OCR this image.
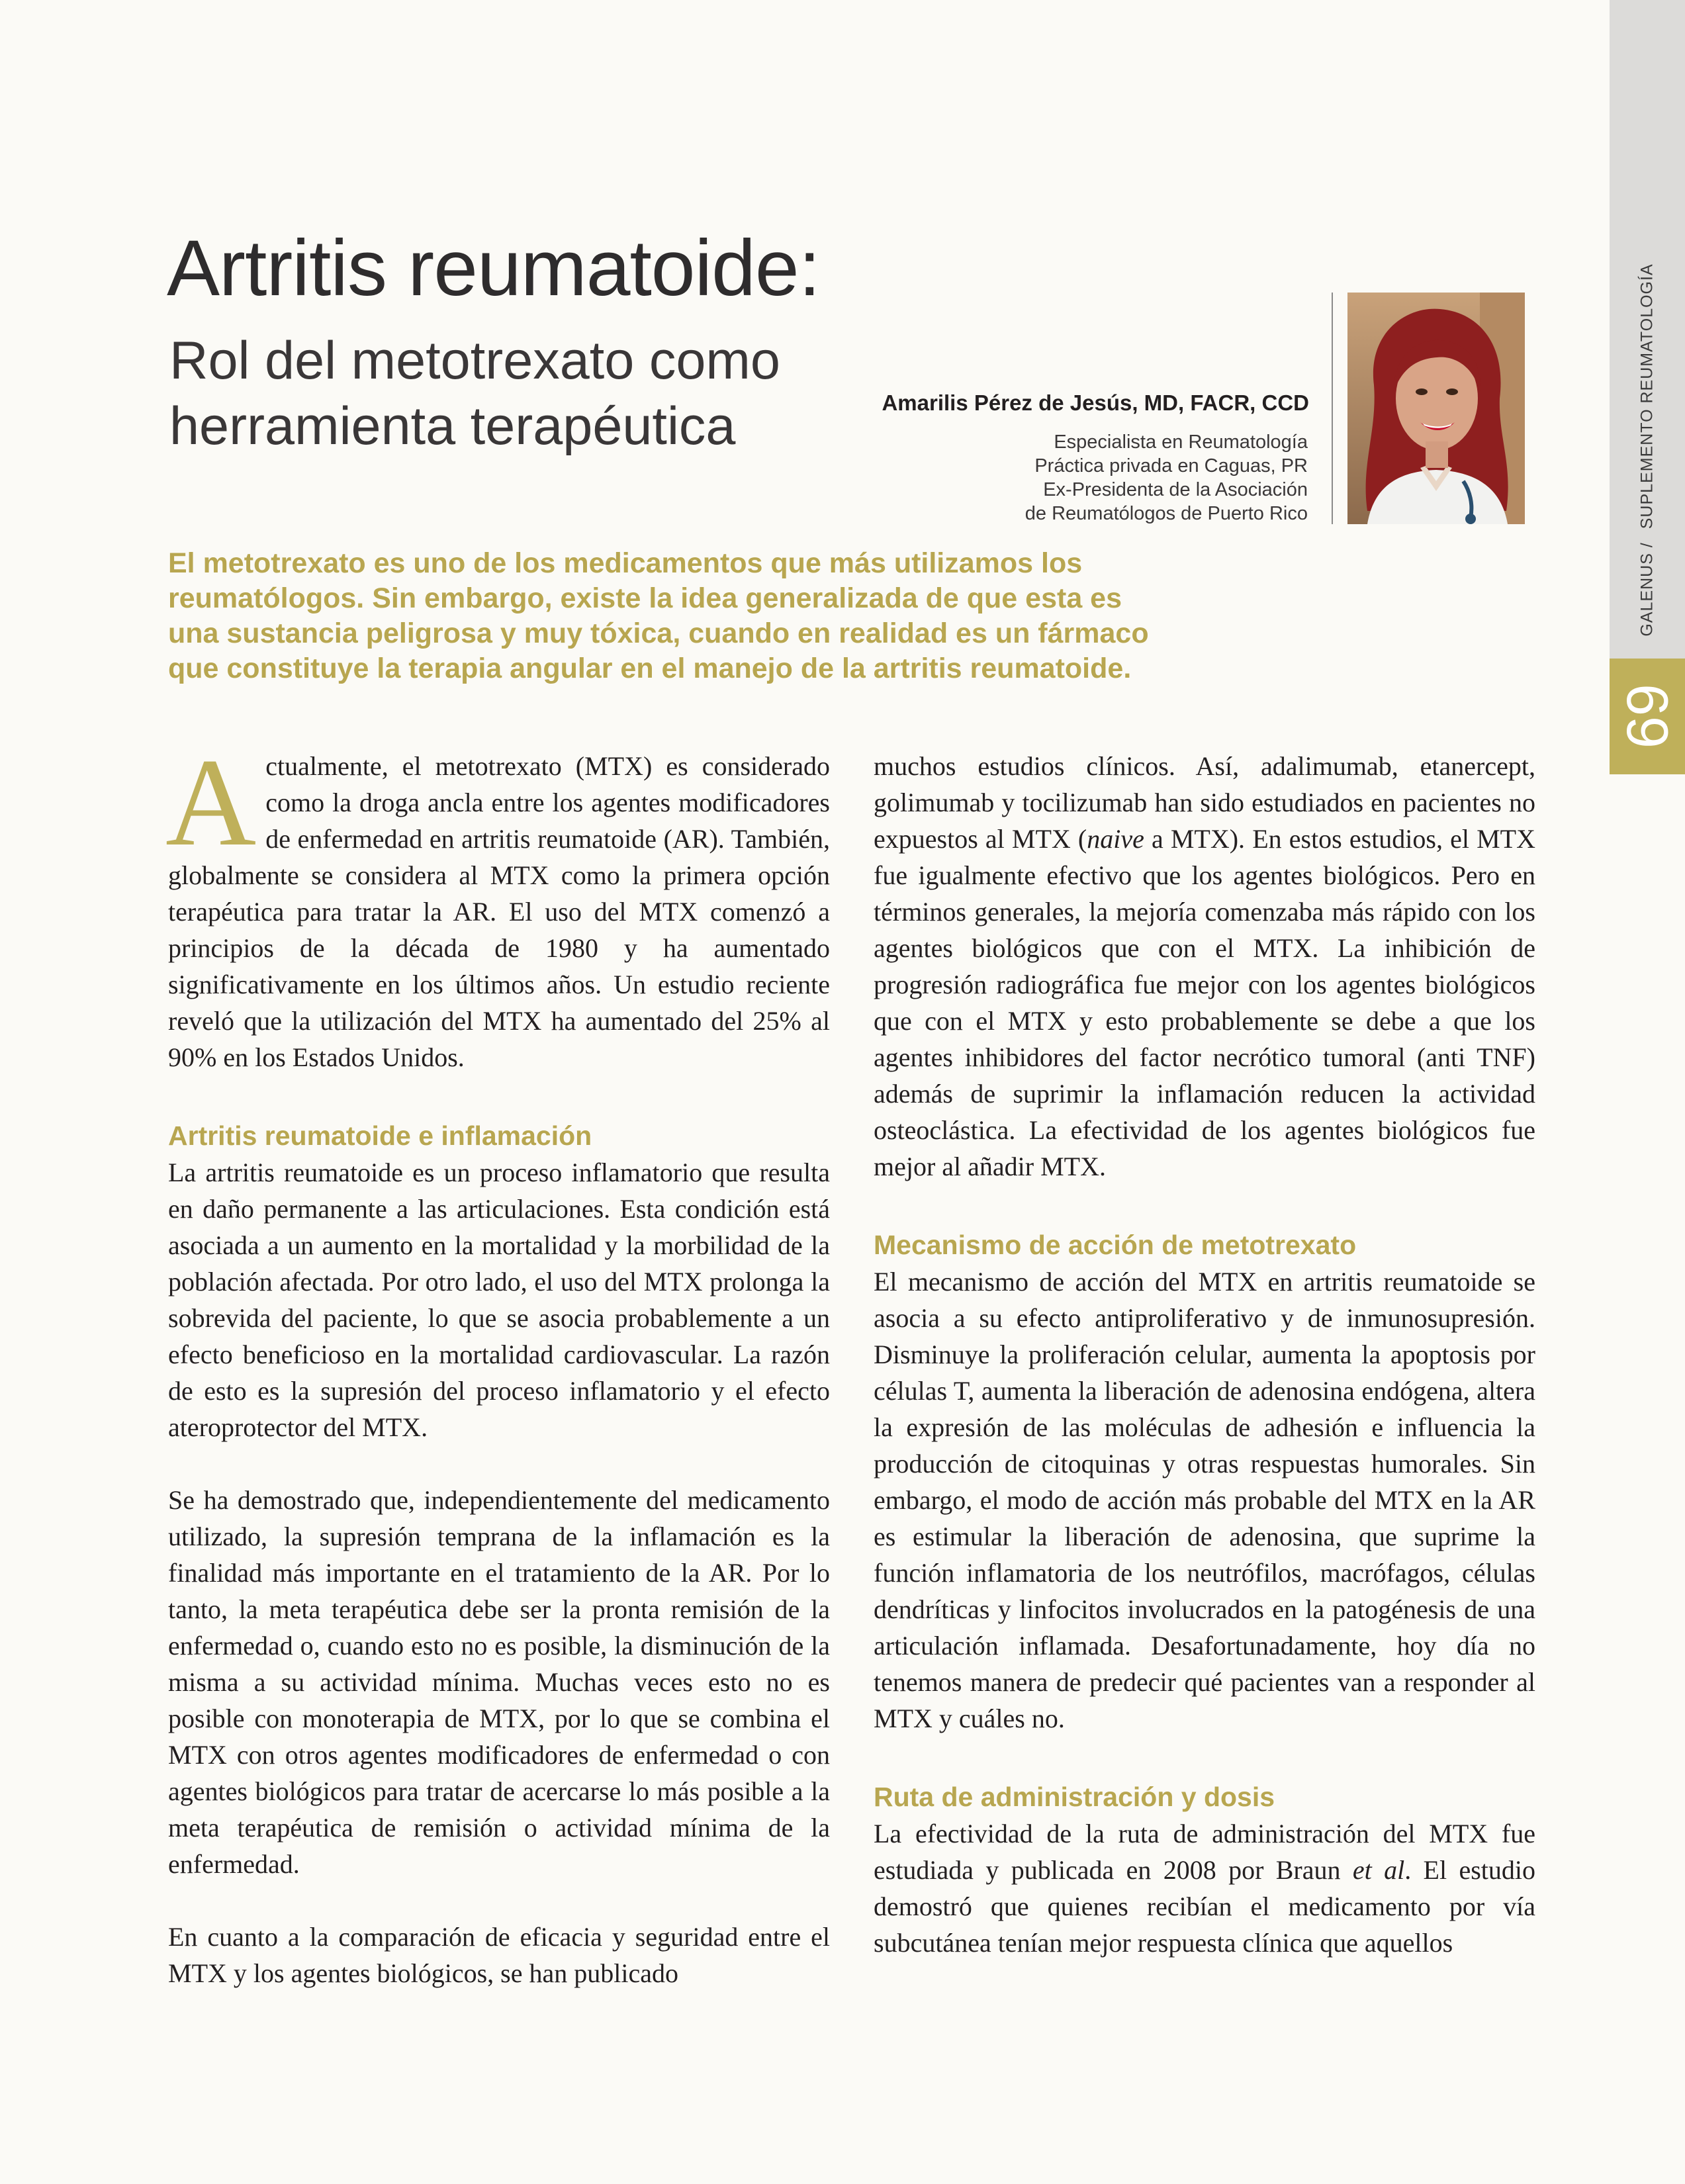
GALENUS /SUPLEMENTO REUMATOLOGÍA
69
Artritis reumatoide:
Rol del metotrexato como
herramienta terapéutica	Amarilis Pérez de Jesús, MD, FACR, CCD
Especialista en Reumatología
Práctica privada en Caguas, PR
Ex-Presidenta de la Asociación
de Reumatólogos de Puerto Rico
El metotrexato es uno de los medicamentos que más utilizamos los
reumatólogos. Sin embargo, existe la idea generalizada de que esta es
una sustancia peligrosa y muy tóxica, cuando en realidad es un fármaco
que constituye la terapia angular en el manejo de la artritis reumatoide.

Actualmente, el metotrexato (MTX) es considerado como la droga ancla entre los agentes modificadores de enfermedad en artritis reumatoide (AR). También, globalmente se considera al MTX como la primera opción terapéutica para tratar la AR. El uso del MTX comenzó a principios de la década de 1980 y ha aumentado significativamente en los últimos años. Un estudio reciente reveló que la utilización del MTX ha aumentado del 25% al 90% en los Estados Unidos.

Artritis reumatoide e inflamación

La artritis reumatoide es un proceso inflamatorio que resulta en daño permanente a las articulaciones. Esta condición está asociada a un aumento en la mortalidad y la morbilidad de la población afectada. Por otro lado, el uso del MTX prolonga la sobrevida del paciente, lo que se asocia probablemente a un efecto beneficioso en la mortalidad cardiovascular. La razón de esto es la supresión del proceso inflamatorio y el efecto ateroprotector del MTX.

Se ha demostrado que, independientemente del medicamento utilizado, la supresión temprana de la inflamación es la finalidad más importante en el tratamiento de la AR. Por lo tanto, la meta terapéutica debe ser la pronta remisión de la enfermedad o, cuando esto no es posible, la disminución de la misma a su actividad mínima. Muchas veces esto no es posible con monoterapia de MTX, por lo que se combina el MTX con otros agentes modificadores de enfermedad o con agentes biológicos para tratar de acercarse lo más posible a la meta terapéutica de remisión o actividad mínima de la enfermedad.

En cuanto a la comparación de eficacia y seguridad entre el MTX y los agentes biológicos, se han publicado

muchos estudios clínicos. Así, adalimumab, etanercept, golimumab y tocilizumab han sido estudiados en pacientes no expuestos al MTX (naive a MTX). En estos estudios, el MTX fue igualmente efectivo que los agentes biológicos. Pero en términos generales, la mejoría comenzaba más rápido con los agentes biológicos que con el MTX. La inhibición de progresión radiográfica fue mejor con los agentes biológicos que con el MTX y esto probablemente se debe a que los agentes inhibidores del factor necrótico tumoral (anti TNF) además de suprimir la inflamación reducen la actividad osteoclástica. La efectividad de los agentes biológicos fue mejor al añadir MTX.

Mecanismo de acción de metotrexato

El mecanismo de acción del MTX en artritis reumatoide se asocia a su efecto antiproliferativo y de inmunosupresión. Disminuye la proliferación celular, aumenta la apoptosis por células T, aumenta la liberación de adenosina endógena, altera la expresión de las moléculas de adhesión e influencia la producción de citoquinas y otras respuestas humorales. Sin embargo, el modo de acción más probable del MTX en la AR es estimular la liberación de adenosina, que suprime la función inflamatoria de los neutrófilos, macrófagos, células dendríticas y linfocitos involucrados en la patogénesis de una articulación inflamada. Desafortunadamente, hoy día no tenemos manera de predecir qué pacientes van a responder al MTX y cuáles no.

Ruta de administración y dosis

La efectividad de la ruta de administración del MTX fue estudiada y publicada en 2008 por Braun et al. El estudio demostró que quienes recibían el medicamento por vía subcutánea tenían mejor respuesta clínica que aquellos
